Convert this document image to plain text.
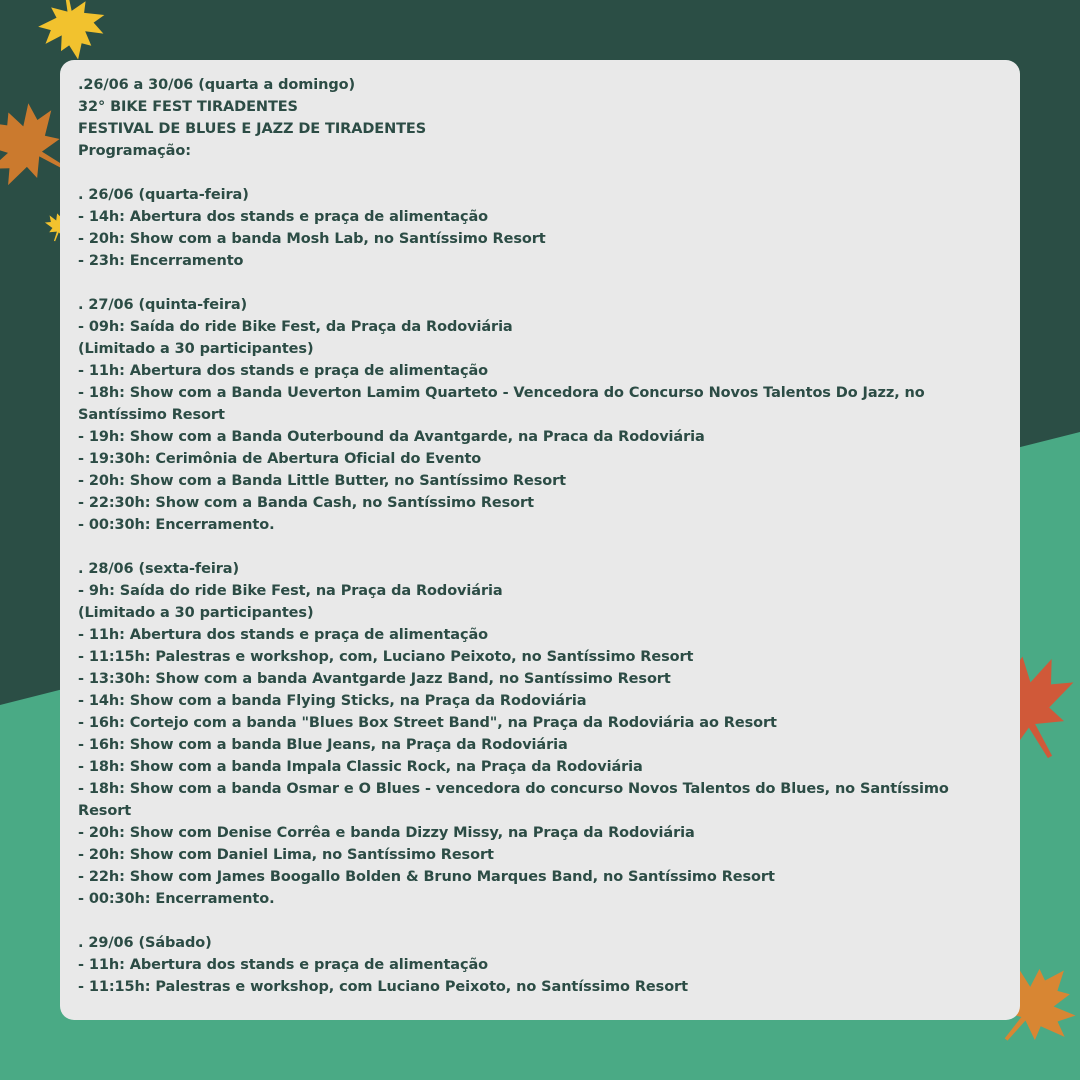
.26/06 a 30/06 (quarta a domingo)
32° BIKE FEST TIRADENTES
FESTIVAL DE BLUES E JAZZ DE TIRADENTES
Programação:
. 26/06 (quarta-feira)
- 14h: Abertura dos stands e praça de alimentação
- 20h: Show com a banda Mosh Lab, no Santíssimo Resort
- 23h: Encerramento
. 27/06 (quinta-feira)
- 09h: Saída do ride Bike Fest, da Praça da Rodoviária
(Limitado a 30 participantes)
- 11h: Abertura dos stands e praça de alimentação
- 18h: Show com a Banda Ueverton Lamim Quarteto - Vencedora do Concurso Novos Talentos Do Jazz, no
Santíssimo Resort
- 19h: Show com a Banda Outerbound da Avantgarde, na Praca da Rodoviária
- 19:30h: Cerimônia de Abertura Oficial do Evento
- 20h: Show com a Banda Little Butter, no Santíssimo Resort
- 22:30h: Show com a Banda Cash, no Santíssimo Resort
- 00:30h: Encerramento.
. 28/06 (sexta-feira)
- 9h: Saída do ride Bike Fest, na Praça da Rodoviária
(Limitado a 30 participantes)
- 11h: Abertura dos stands e praça de alimentação
- 11:15h: Palestras e workshop, com, Luciano Peixoto, no Santíssimo Resort
- 13:30h: Show com a banda Avantgarde Jazz Band, no Santíssimo Resort
- 14h: Show com a banda Flying Sticks, na Praça da Rodoviária
- 16h: Cortejo com a banda "Blues Box Street Band", na Praça da Rodoviária ao Resort
- 16h: Show com a banda Blue Jeans, na Praça da Rodoviária
- 18h: Show com a banda Impala Classic Rock, na Praça da Rodoviária
- 18h: Show com a banda Osmar e O Blues - vencedora do concurso Novos Talentos do Blues, no Santíssimo
Resort
- 20h: Show com Denise Corrêa e banda Dizzy Missy, na Praça da Rodoviária
- 20h: Show com Daniel Lima, no Santíssimo Resort
- 22h: Show com James Boogallo Bolden & Bruno Marques Band, no Santíssimo Resort
- 00:30h: Encerramento.
. 29/06 (Sábado)
- 11h: Abertura dos stands e praça de alimentação
- 11:15h: Palestras e workshop, com Luciano Peixoto, no Santíssimo Resort
